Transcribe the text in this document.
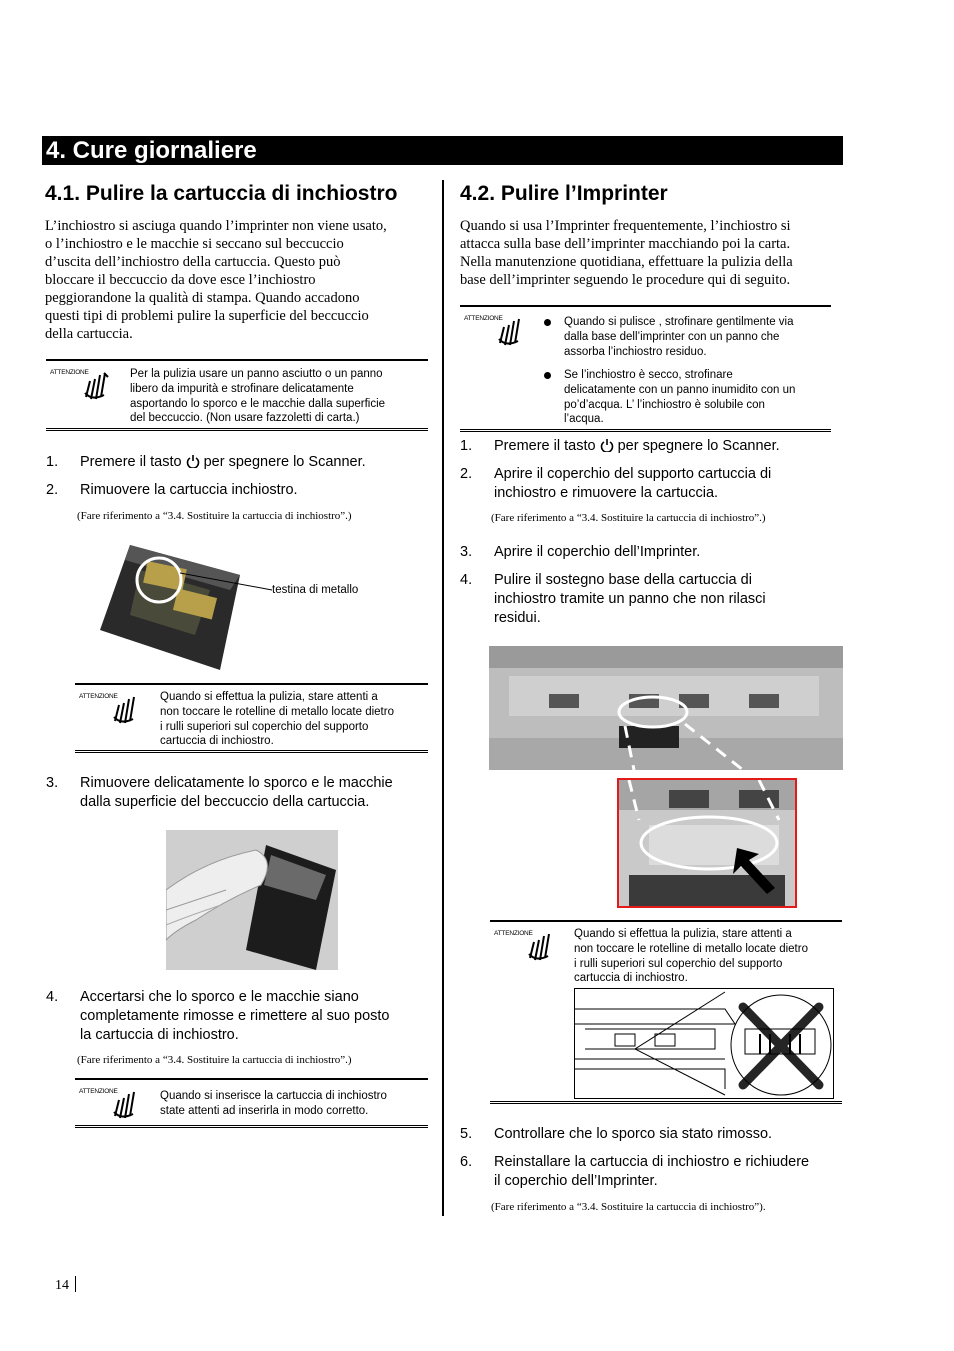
4. Cure giornaliere
4.1. Pulire la cartuccia di inchiostro
L’inchiostro si asciuga quando l’imprinter non viene usato,
o l’inchiostro e le macchie si seccano sul beccuccio
d’uscita dell’inchiostro della cartuccia. Questo può
bloccare il beccuccio da dove esce l’inchiostro
peggiorandone la qualità di stampa. Quando accadono
questi tipi di problemi pulire la superficie del beccuccio
della cartuccia.
ATTENZIONE	Per la pulizia usare un panno asciutto o un panno
libero da impurità e strofinare delicatamente
asportando lo sporco e le macchie dalla superficie
del beccuccio. (Non usare fazzoletti di carta.)
1. Premere il tasto per spegnere lo Scanner.
2. Rimuovere la cartuccia inchiostro.
(Fare riferimento a “3.4. Sostituire la cartuccia di inchiostro”.)
testina di metallo
ATTENZIONE	Quando si effettua la pulizia, stare attenti a
non toccare le rotelline di metallo locate dietro
i rulli superiori sul coperchio del supporto
cartuccia di inchiostro.
3. Rimuovere delicatamente lo sporco e le macchie
dalla superficie del beccuccio della cartuccia.
4. Accertarsi che lo sporco e le macchie siano
completamente rimosse e rimettere al suo posto
la cartuccia di inchiostro.
(Fare riferimento a “3.4. Sostituire la cartuccia di inchiostro”.)
ATTENZIONE	Quando si inserisce la cartuccia di inchiostro
state attenti ad inserirla in modo corretto.
4.2. Pulire l’Imprinter
Quando si usa l’Imprinter frequentemente, l’inchiostro si
attacca sulla base dell’imprinter macchiando poi la carta.
Nella manutenzione quotidiana, effettuare la pulizia della
base dell’imprinter seguendo le procedure qui di seguito.
ATTENZIONE	Quando si pulisce , strofinare gentilmente via
dalla base dell’imprinter con un panno che
assorba l’inchiostro residuo.
Se l’inchiostro è secco, strofinare
delicatamente con un panno inumidito con un
po’d’acqua. L’ l’inchiostro è solubile con
l’acqua.
1. Premere il tasto per spegnere lo Scanner.
2. Aprire il coperchio del supporto cartuccia di
inchiostro e rimuovere la cartuccia.
(Fare riferimento a “3.4. Sostituire la cartuccia di inchiostro”.)
3. Aprire il coperchio dell’Imprinter.
4. Pulire il sostegno base della cartuccia di
inchiostro tramite un panno che non rilasci
residui.
ATTENZIONE	Quando si effettua la pulizia, stare attenti a
non toccare le rotelline di metallo locate dietro
i rulli superiori sul coperchio del supporto
cartuccia di inchiostro.
5. Controllare che lo sporco sia stato rimosso.
6. Reinstallare la cartuccia di inchiostro e richiudere
il coperchio dell’Imprinter.
(Fare riferimento a “3.4. Sostituire la cartuccia di inchiostro”).
14
